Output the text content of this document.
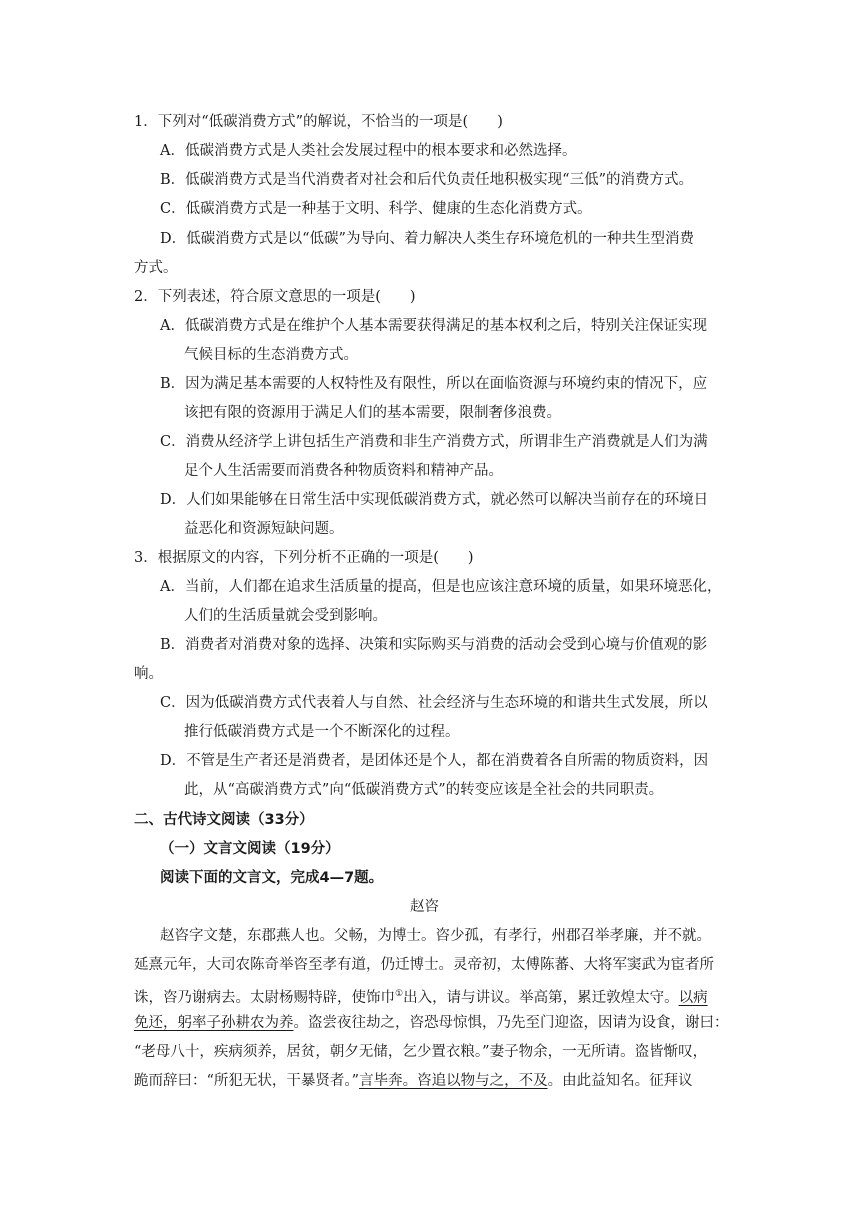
1．下列对“低碳消费方式”的解说，不恰当的一项是(　　)
A．低碳消费方式是人类社会发展过程中的根本要求和必然选择。
B．低碳消费方式是当代消费者对社会和后代负责任地积极实现“三低”的消费方式。
C．低碳消费方式是一种基于文明、科学、健康的生态化消费方式。
D．低碳消费方式是以“低碳”为导向、着力解决人类生存环境危机的一种共生型消费
方式。
2．下列表述，符合原文意思的一项是(　　)
A．低碳消费方式是在维护个人基本需要获得满足的基本权利之后，特别关注保证实现
气候目标的生态消费方式。
B．因为满足基本需要的人权特性及有限性，所以在面临资源与环境约束的情况下，应
该把有限的资源用于满足人们的基本需要，限制奢侈浪费。
C．消费从经济学上讲包括生产消费和非生产消费方式，所谓非生产消费就是人们为满
足个人生活需要而消费各种物质资料和精神产品。
D．人们如果能够在日常生活中实现低碳消费方式，就必然可以解决当前存在的环境日
益恶化和资源短缺问题。
3．根据原文的内容，下列分析不正确的一项是(　　)
A．当前，人们都在追求生活质量的提高，但是也应该注意环境的质量，如果环境恶化，
人们的生活质量就会受到影响。
B．消费者对消费对象的选择、决策和实际购买与消费的活动会受到心境与价值观的影
响。
C．因为低碳消费方式代表着人与自然、社会经济与生态环境的和谐共生式发展，所以
推行低碳消费方式是一个不断深化的过程。
D．不管是生产者还是消费者，是团体还是个人，都在消费着各自所需的物质资料，因
此，从“高碳消费方式”向“低碳消费方式”的转变应该是全社会的共同职责。
二、古代诗文阅读（33分）
（一）文言文阅读（19分）
阅读下面的文言文，完成4—7题。
赵咨
赵咨字文楚，东郡燕人也。父畅，为博士。咨少孤，有孝行，州郡召举孝廉，并不就。
延熹元年，大司农陈奇举咨至孝有道，仍迁博士。灵帝初，太傅陈蕃、大将军窦武为宦者所
诛，咨乃谢病去。太尉杨赐特辟，使饰巾①出入，请与讲议。举高第，累迁敦煌太守。以病
免还，躬率子孙耕农为养。盗尝夜往劫之，咨恐母惊惧，乃先至门迎盗，因请为设食，谢曰：
“老母八十，疾病须养，居贫，朝夕无储，乞少置衣粮。”妻子物余，一无所请。盗皆惭叹，
跪而辞曰：“所犯无状，干暴贤者。”言毕奔。咨追以物与之，不及。由此益知名。征拜议
